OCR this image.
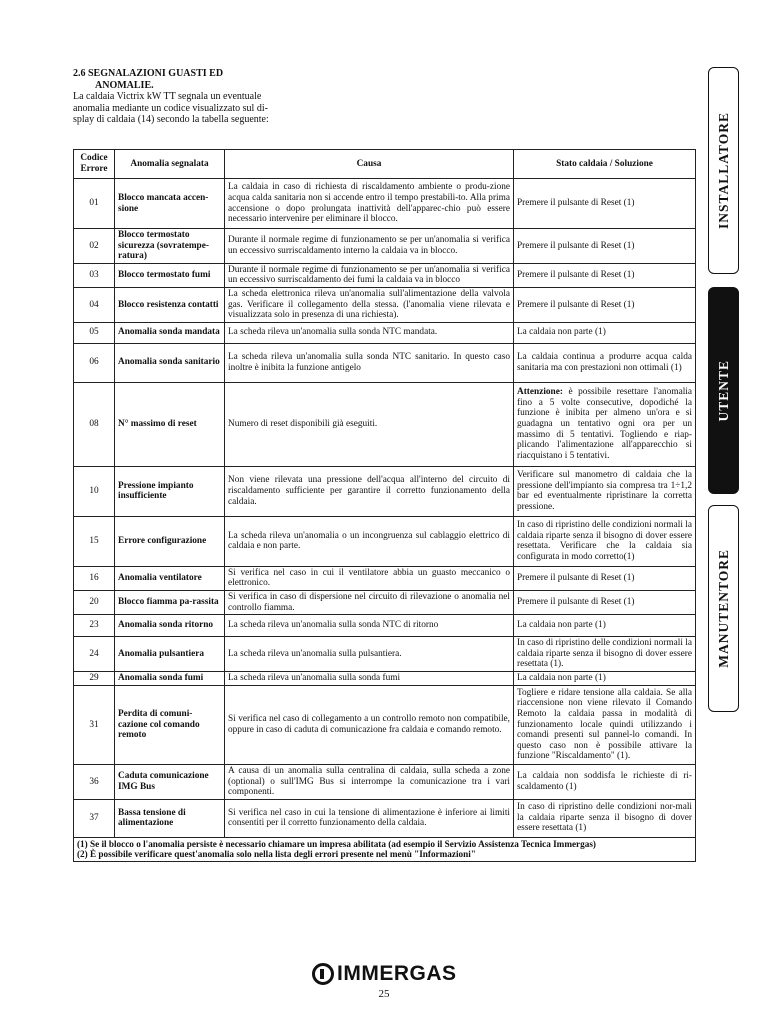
2.6 SEGNALAZIONI GUASTI ED
ANOMALIE.
La caldaia Victrix kW TT segnala un eventuale
anomalia mediante un codice visualizzato sul di-
splay di caldaia (14) secondo la tabella seguente:
Codice Errore	Anomalia segnalata	Causa	Stato caldaia / Soluzione
01	Blocco mancata accen-sione	La caldaia in caso di richiesta di riscaldamento ambiente o produ-zione acqua calda sanitaria non si accende entro il tempo prestabili-to. Alla prima accensione o dopo prolungata inattività dell'apparec-chio può essere necessario intervenire per eliminare il blocco.	Premere il pulsante di Reset (1)
02	Blocco termostato sicurezza (sovratempe-ratura)	Durante il normale regime di funzionamento se per un'anomalia si verifica un eccessivo surriscaldamento interno la caldaia va in blocco.	Premere il pulsante di Reset (1)
03	Blocco termostato fumi	Durante il normale regime di funzionamento se per un'anomalia si verifica un eccessivo surriscaldamento dei fumi la caldaia va in blocco	Premere il pulsante di Reset (1)
04	Blocco resistenza contatti	La scheda elettronica rileva un'anomalia sull'alimentazione della valvola gas. Verificare il collegamento della stessa. (l'anomalia viene rilevata e visualizzata solo in presenza di una richiesta).	Premere il pulsante di Reset (1)
05	Anomalia sonda mandata	La scheda rileva un'anomalia sulla sonda NTC mandata.	La caldaia non parte (1)
06	Anomalia sonda sanitario	La scheda rileva un'anomalia sulla sonda NTC sanitario. In questo caso inoltre è inibita la funzione antigelo	La caldaia continua a produrre acqua calda sanitaria ma con prestazioni non ottimali (1)
08	N° massimo di reset	Numero di reset disponibili già eseguiti.	Attenzione: è possibile resettare l'anomalia fino a 5 volte consecutive, dopodiché la funzione è inibita per almeno un'ora e si guadagna un tentativo ogni ora per un massimo di 5 tentativi. Togliendo e riap-plicando l'alimentazione all'apparecchio si riacquistano i 5 tentativi.
10	Pressione impianto insufficiente	Non viene rilevata una pressione dell'acqua all'interno del circuito di riscaldamento sufficiente per garantire il corretto funzionamento della caldaia.	Verificare sul manometro di caldaia che la pressione dell'impianto sia compresa tra 1÷1,2 bar ed eventualmente ripristinare la corretta pressione.
15	Errore configurazione	La scheda rileva un'anomalia o un incongruenza sul cablaggio elettrico di caldaia e non parte.	In caso di ripristino delle condizioni normali la caldaia riparte senza il bisogno di dover essere resettata. Verificare che la caldaia sia configurata in modo corretto(1)
16	Anomalia ventilatore	Si verifica nel caso in cui il ventilatore abbia un guasto meccanico o elettronico.	Premere il pulsante di Reset (1)
20	Blocco fiamma pa-rassita	Si verifica in caso di dispersione nel circuito di rilevazione o anomalia nel controllo fiamma.	Premere il pulsante di Reset (1)
23	Anomalia sonda ritorno	La scheda rileva un'anomalia sulla sonda NTC di ritorno	La caldaia non parte (1)
24	Anomalia pulsantiera	La scheda rileva un'anomalia sulla pulsantiera.	In caso di ripristino delle condizioni normali la caldaia riparte senza il bisogno di dover essere resettata (1).
29	Anomalia sonda fumi	La scheda rileva un'anomalia sulla sonda fumi	La caldaia non parte (1)
31	Perdita di comuni-cazione col comando remoto	Si verifica nel caso di collegamento a un controllo remoto non compatibile, oppure in caso di caduta di comunicazione fra caldaia e comando remoto.	Togliere e ridare tensione alla caldaia. Se alla riaccensione non viene rilevato il Comando Remoto la caldaia passa in modalità di funzionamento locale quindi utilizzando i comandi presenti sul pannel-lo comandi. In questo caso non è possibile attivare la funzione "Riscaldamento" (1).
36	Caduta comunicazione IMG Bus	A causa di un anomalia sulla centralina di caldaia, sulla scheda a zone (optional) o sull'IMG Bus si interrompe la comunicazione tra i vari componenti.	La caldaia non soddisfa le richieste di ri-scaldamento (1)
37	Bassa tensione di alimentazione	Si verifica nel caso in cui la tensione di alimentazione è inferiore ai limiti consentiti per il corretto funzionamento della caldaia.	In caso di ripristino delle condizioni nor-mali la caldaia riparte senza il bisogno di dover essere resettata (1)

(1) Se il blocco o l'anomalia persiste è necessario chiamare un impresa abilitata (ad esempio il Servizio Assistenza Tecnica Immergas)
(2) È possibile verificare quest'anomalia solo nella lista degli errori presente nel menù "Informazioni"			
INSTALLATORE
UTENTE
MANUTENTORE
IMMERGAS
25
